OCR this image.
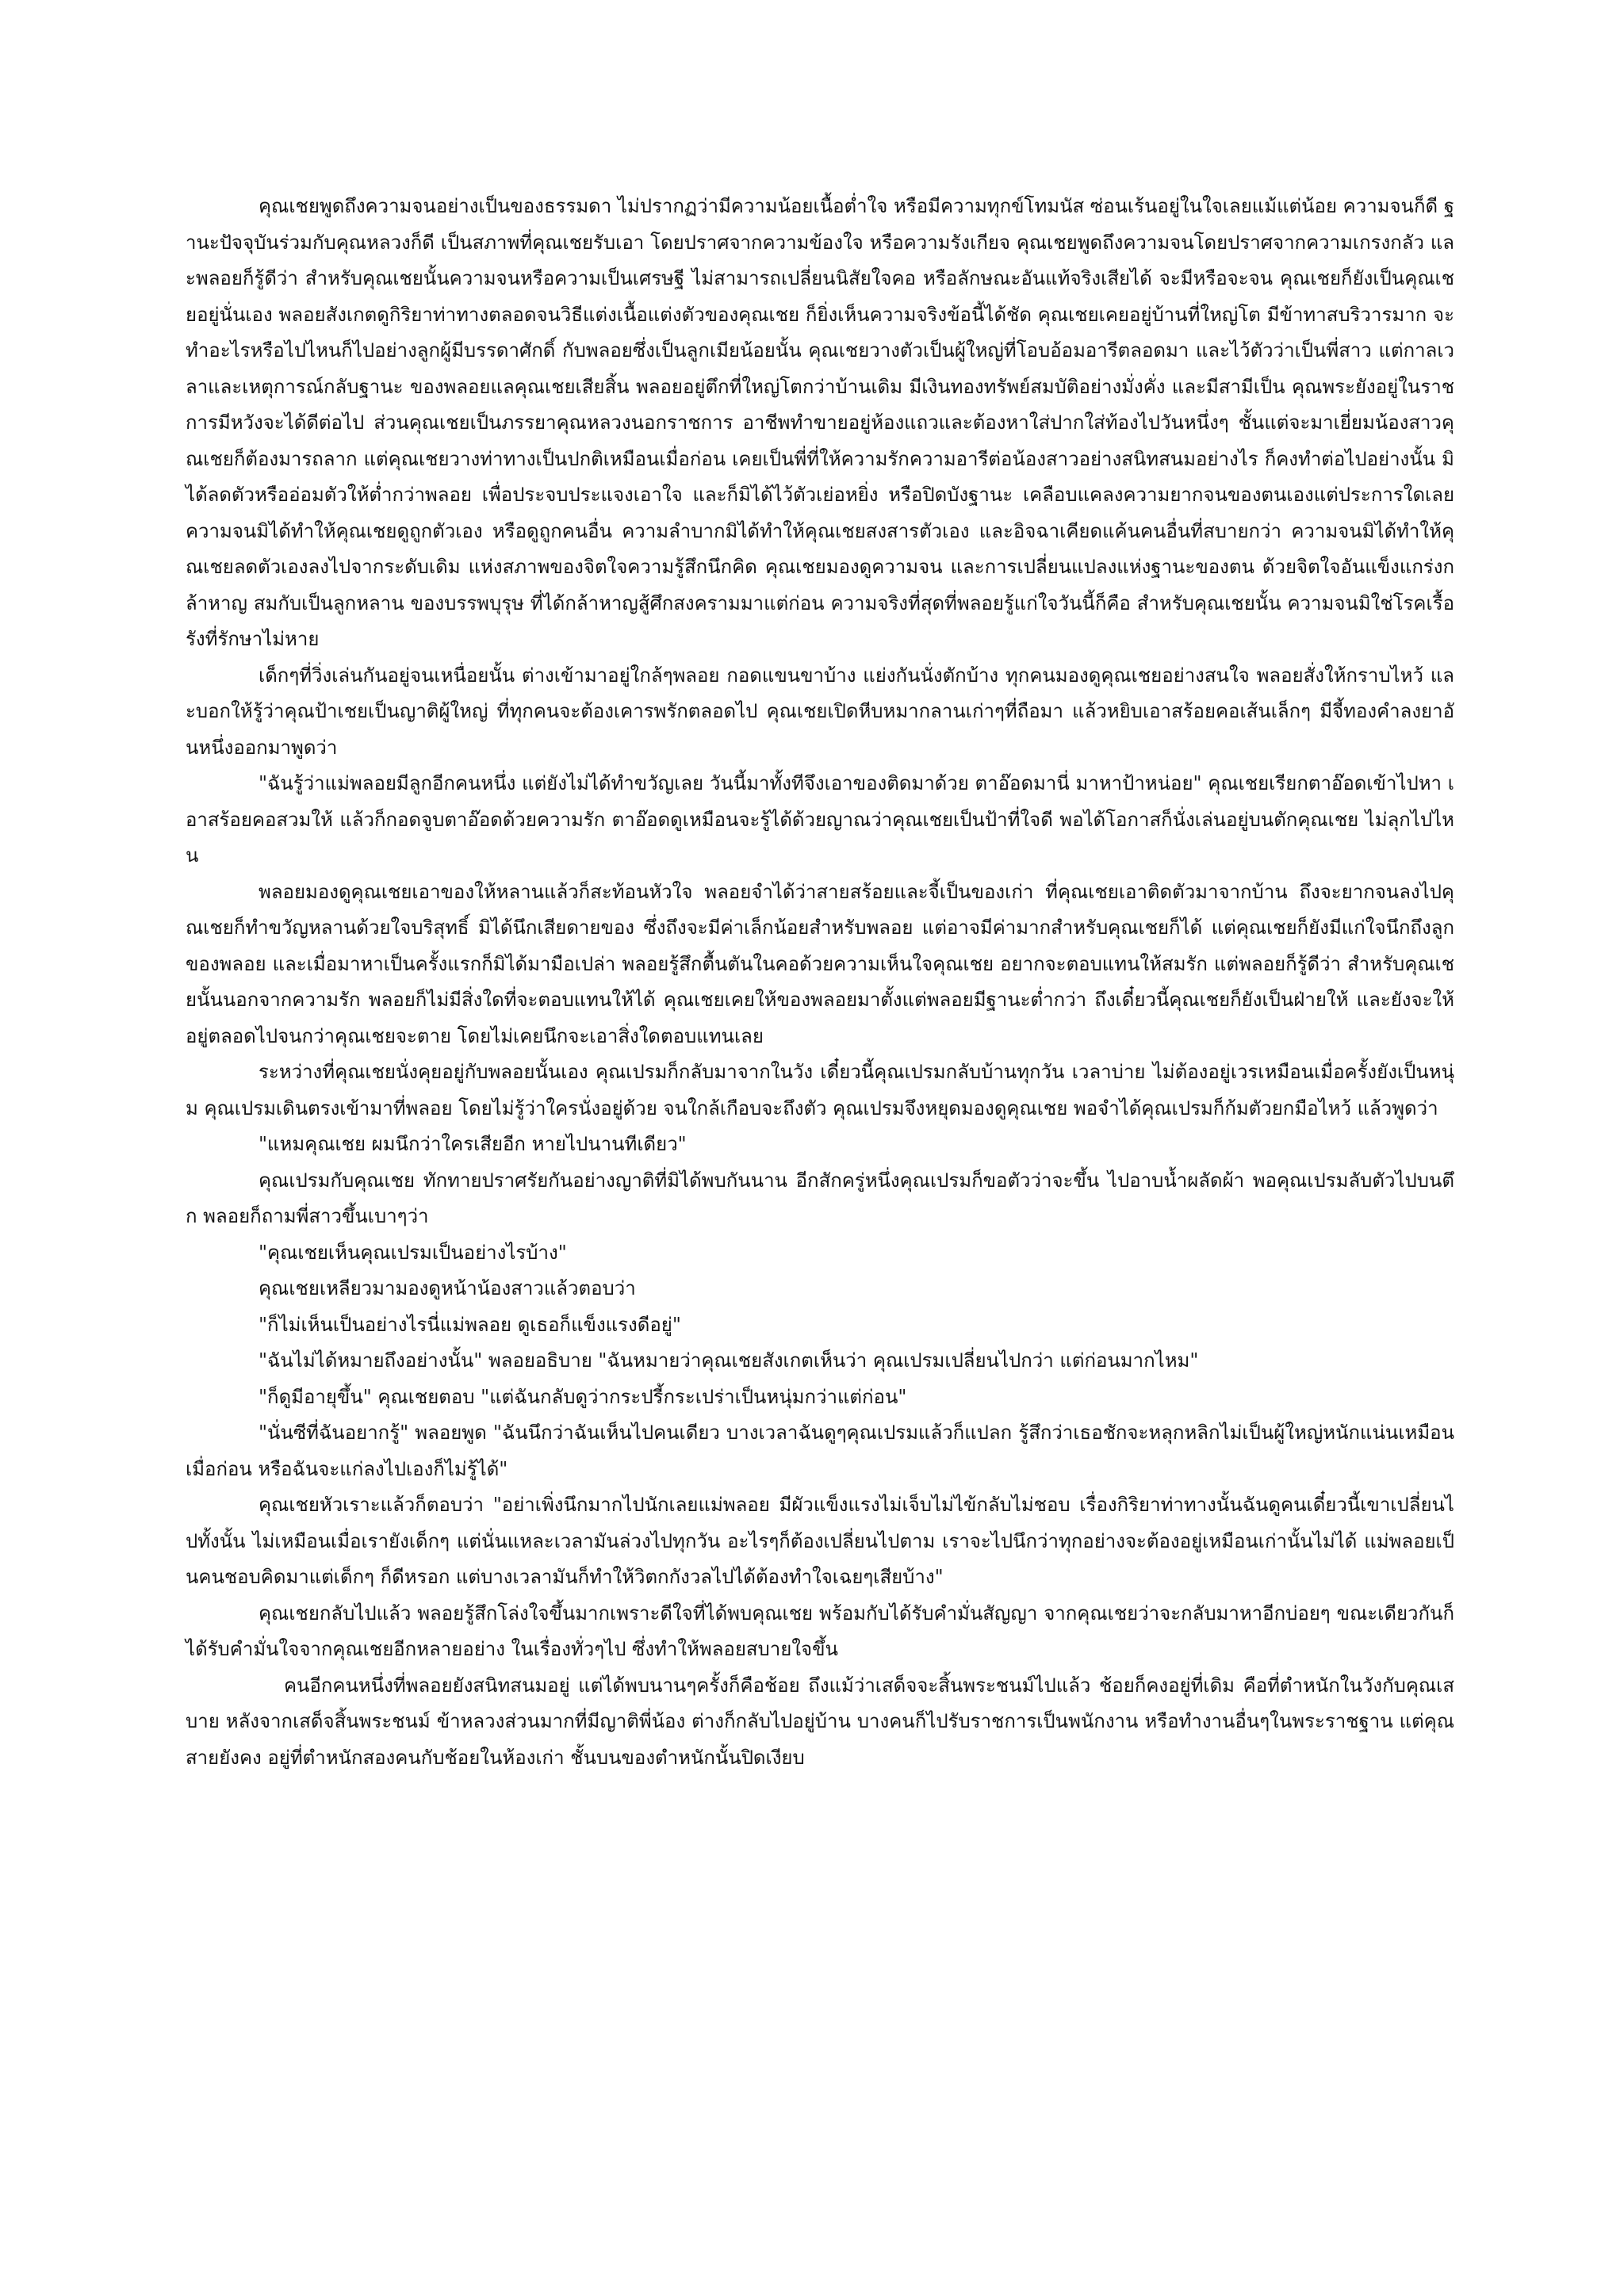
คุณเชยพูดถึงความจนอย่างเป็นของธรรมดา ไม่ปรากฏว่ามีความน้อยเนื้อต่ำใจ หรือมีความทุกข์โทมนัส ซ่อนเร้นอยู่ในใจเลยแม้แต่น้อย ความจนก็ดี ฐานะปัจจุบันร่วมกับคุณหลวงก็ดี เป็นสภาพที่คุณเชยรับเอา โดยปราศจากความข้องใจ หรือความรังเกียจ คุณเชยพูดถึงความจนโดยปราศจากความเกรงกลัว และพลอยก็รู้ดีว่า สำหรับคุณเชยนั้นความจนหรือความเป็นเศรษฐี ไม่สามารถเปลี่ยนนิสัยใจคอ หรือลักษณะอันแท้จริงเสียได้ จะมีหรือจะจน คุณเชยก็ยังเป็นคุณเชยอยู่นั่นเอง พลอยสังเกตดูกิริยาท่าทางตลอดจนวิธีแต่งเนื้อแต่งตัวของคุณเชย ก็ยิ่งเห็นความจริงข้อนี้ได้ชัด คุณเชยเคยอยู่บ้านที่ใหญ่โต มีข้าทาสบริวารมาก จะทำอะไรหรือไปไหนก็ไปอย่างลูกผู้มีบรรดาศักดิ์ กับพลอยซึ่งเป็นลูกเมียน้อยนั้น คุณเชยวางตัวเป็นผู้ใหญ่ที่โอบอ้อมอารีตลอดมา และไว้ตัวว่าเป็นพี่สาว แต่กาลเวลาและเหตุการณ์กลับฐานะ ของพลอยแลคุณเชยเสียสิ้น พลอยอยู่ตึกที่ใหญ่โตกว่าบ้านเดิม มีเงินทองทรัพย์สมบัติอย่างมั่งคั่ง และมีสามีเป็น คุณพระยังอยู่ในราชการมีหวังจะได้ดีต่อไป ส่วนคุณเชยเป็นภรรยาคุณหลวงนอกราชการ อาชีพทำขายอยู่ห้องแถวและต้องหาใส่ปากใส่ท้องไปวันหนึ่งๆ ชั้นแต่จะมาเยี่ยมน้องสาวคุณเชยก็ต้องมารถลาก แต่คุณเชยวางท่าทางเป็นปกติเหมือนเมื่อก่อน เคยเป็นพี่ที่ให้ความรักความอารีต่อน้องสาวอย่างสนิทสนมอย่างไร ก็คงทำต่อไปอย่างนั้น มิได้ลดตัวหรืออ่อมตัวให้ต่ำกว่าพลอย เพื่อประจบประแจงเอาใจ และก็มิได้ไว้ตัวเย่อหยิ่ง หรือปิดบังฐานะ เคลือบแคลงความยากจนของตนเองแต่ประการใดเลย ความจนมิได้ทำให้คุณเชยดูถูกตัวเอง หรือดูถูกคนอื่น ความลำบากมิได้ทำให้คุณเชยสงสารตัวเอง และอิจฉาเคียดแค้นคนอื่นที่สบายกว่า ความจนมิได้ทำให้คุณเชยลดตัวเองลงไปจากระดับเดิม แห่งสภาพของจิตใจความรู้สึกนึกคิด คุณเชยมองดูความจน และการเปลี่ยนแปลงแห่งฐานะของตน ด้วยจิตใจอันแข็งแกร่งกล้าหาญ สมกับเป็นลูกหลาน ของบรรพบุรุษ ที่ได้กล้าหาญสู้ศึกสงครามมาแต่ก่อน ความจริงที่สุดที่พลอยรู้แก่ใจวันนี้ก็คือ สำหรับคุณเชยนั้น ความจนมิใช่โรคเรื้อรังที่รักษาไม่หาย

เด็กๆที่วิ่งเล่นกันอยู่จนเหนื่อยนั้น ต่างเข้ามาอยู่ใกล้ๆพลอย กอดแขนขาบ้าง แย่งกันนั่งตักบ้าง ทุกคนมองดูคุณเชยอย่างสนใจ พลอยสั่งให้กราบไหว้ และบอกให้รู้ว่าคุณป้าเชยเป็นญาติผู้ใหญ่ ที่ทุกคนจะต้องเคารพรักตลอดไป คุณเชยเปิดหีบหมากลานเก่าๆที่ถือมา แล้วหยิบเอาสร้อยคอเส้นเล็กๆ มีจี้ทองคำลงยาอันหนึ่งออกมาพูดว่า

"ฉันรู้ว่าแม่พลอยมีลูกอีกคนหนึ่ง แต่ยังไม่ได้ทำขวัญเลย วันนี้มาทั้งทีจึงเอาของติดมาด้วย ตาอ๊อดมานี่ มาหาป้าหน่อย" คุณเชยเรียกตาอ๊อดเข้าไปหา เอาสร้อยคอสวมให้ แล้วก็กอดจูบตาอ๊อดด้วยความรัก ตาอ๊อดดูเหมือนจะรู้ได้ด้วยญาณว่าคุณเชยเป็นป้าที่ใจดี พอได้โอกาสก็นั่งเล่นอยู่บนตักคุณเชย ไม่ลุกไปไหน

พลอยมองดูคุณเชยเอาของให้หลานแล้วก็สะท้อนหัวใจ พลอยจำได้ว่าสายสร้อยและจี้เป็นของเก่า ที่คุณเชยเอาติดตัวมาจากบ้าน ถึงจะยากจนลงไปคุณเชยก็ทำขวัญหลานด้วยใจบริสุทธิ์ มิได้นึกเสียดายของ ซึ่งถึงจะมีค่าเล็กน้อยสำหรับพลอย แต่อาจมีค่ามากสำหรับคุณเชยก็ได้ แต่คุณเชยก็ยังมีแก่ใจนึกถึงลูกของพลอย และเมื่อมาหาเป็นครั้งแรกก็มิได้มามือเปล่า พลอยรู้สึกตื้นตันในคอด้วยความเห็นใจคุณเชย อยากจะตอบแทนให้สมรัก แต่พลอยก็รู้ดีว่า สำหรับคุณเชยนั้นนอกจากความรัก พลอยก็ไม่มีสิ่งใดที่จะตอบแทนให้ได้ คุณเชยเคยให้ของพลอยมาตั้งแต่พลอยมีฐานะต่ำกว่า ถึงเดี๋ยวนี้คุณเชยก็ยังเป็นฝ่ายให้ และยังจะให้อยู่ตลอดไปจนกว่าคุณเชยจะตาย โดยไม่เคยนึกจะเอาสิ่งใดตอบแทนเลย

ระหว่างที่คุณเชยนั่งคุยอยู่กับพลอยนั้นเอง คุณเปรมก็กลับมาจากในวัง เดี๋ยวนี้คุณเปรมกลับบ้านทุกวัน เวลาบ่าย ไม่ต้องอยู่เวรเหมือนเมื่อครั้งยังเป็นหนุ่ม คุณเปรมเดินตรงเข้ามาที่พลอย โดยไม่รู้ว่าใครนั่งอยู่ด้วย จนใกล้เกือบจะถึงตัว คุณเปรมจึงหยุดมองดูคุณเชย พอจำได้คุณเปรมก็ก้มตัวยกมือไหว้ แล้วพูดว่า

"แหมคุณเชย ผมนึกว่าใครเสียอีก หายไปนานทีเดียว"

คุณเปรมกับคุณเชย ทักทายปราศรัยกันอย่างญาติที่มิได้พบกันนาน อีกสักครู่หนึ่งคุณเปรมก็ขอตัวว่าจะขึ้น ไปอาบน้ำผลัดผ้า พอคุณเปรมลับตัวไปบนตึก พลอยก็ถามพี่สาวขึ้นเบาๆว่า

"คุณเชยเห็นคุณเปรมเป็นอย่างไรบ้าง"

คุณเชยเหลียวมามองดูหน้าน้องสาวแล้วตอบว่า

"ก็ไม่เห็นเป็นอย่างไรนี่แม่พลอย ดูเธอก็แข็งแรงดีอยู่"

"ฉันไม่ได้หมายถึงอย่างนั้น" พลอยอธิบาย "ฉันหมายว่าคุณเชยสังเกตเห็นว่า คุณเปรมเปลี่ยนไปกว่า แต่ก่อนมากไหม"

"ก็ดูมีอายุขึ้น" คุณเชยตอบ "แต่ฉันกลับดูว่ากระปรี้กระเปร่าเป็นหนุ่มกว่าแต่ก่อน"

"นั่นซีที่ฉันอยากรู้" พลอยพูด "ฉันนึกว่าฉันเห็นไปคนเดียว บางเวลาฉันดูๆคุณเปรมแล้วก็แปลก รู้สึกว่าเธอชักจะหลุกหลิกไม่เป็นผู้ใหญ่หนักแน่นเหมือนเมื่อก่อน หรือฉันจะแก่ลงไปเองก็ไม่รู้ได้"

คุณเชยหัวเราะแล้วก็ตอบว่า "อย่าเพิ่งนึกมากไปนักเลยแม่พลอย มีผัวแข็งแรงไม่เจ็บไม่ไข้กลับไม่ชอบ เรื่องกิริยาท่าทางนั้นฉันดูคนเดี๋ยวนี้เขาเปลี่ยนไปทั้งนั้น ไม่เหมือนเมื่อเรายังเด็กๆ แต่นั่นแหละเวลามันล่วงไปทุกวัน อะไรๆก็ต้องเปลี่ยนไปตาม เราจะไปนึกว่าทุกอย่างจะต้องอยู่เหมือนเก่านั้นไม่ได้ แม่พลอยเป็นคนชอบคิดมาแต่เด็กๆ ก็ดีหรอก แต่บางเวลามันก็ทำให้วิตกกังวลไปได้ต้องทำใจเฉยๆเสียบ้าง"

คุณเชยกลับไปแล้ว พลอยรู้สึกโล่งใจขึ้นมากเพราะดีใจที่ได้พบคุณเชย พร้อมกับได้รับคำมั่นสัญญา จากคุณเชยว่าจะกลับมาหาอีกบ่อยๆ ขณะเดียวกันก็ได้รับคำมั่นใจจากคุณเชยอีกหลายอย่าง ในเรื่องทั่วๆไป ซึ่งทำให้พลอยสบายใจขึ้น

คนอีกคนหนึ่งที่พลอยยังสนิทสนมอยู่ แต่ได้พบนานๆครั้งก็คือช้อย ถึงแม้ว่าเสด็จจะสิ้นพระชนม์ไปแล้ว ช้อยก็คงอยู่ที่เดิม คือที่ตำหนักในวังกับคุณเสบาย หลังจากเสด็จสิ้นพระชนม์ ข้าหลวงส่วนมากที่มีญาติพี่น้อง ต่างก็กลับไปอยู่บ้าน บางคนก็ไปรับราชการเป็นพนักงาน หรือทำงานอื่นๆในพระราชฐาน แต่คุณสายยังคง อยู่ที่ตำหนักสองคนกับช้อยในห้องเก่า ชั้นบนของตำหนักนั้นปิดเงียบ
